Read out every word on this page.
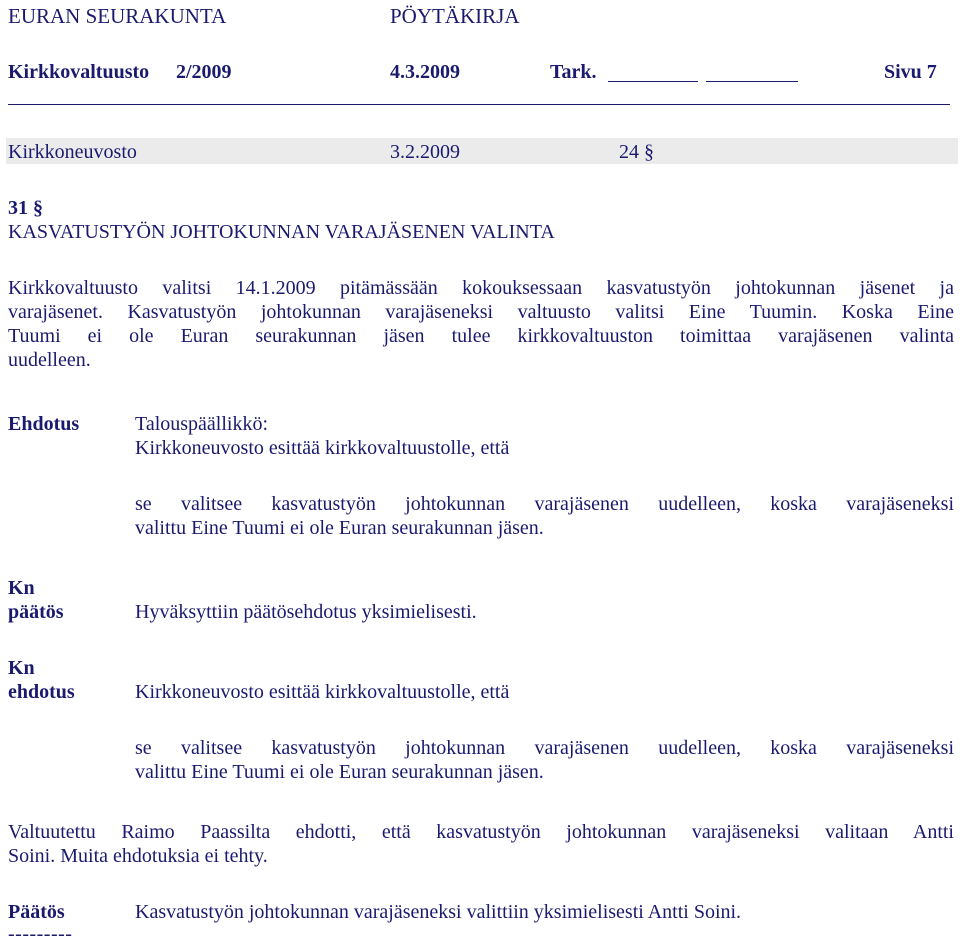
EURAN SEURAKUNTA	PÖYTÄKIRJA
Kirkkovaltuusto 2/2009	4.3.2009	Tark.	Sivu 7
Kirkkoneuvosto	3.2.2009	24 §
31 §
KASVATUSTYÖN JOHTOKUNNAN VARAJÄSENEN VALINTA
Kirkkovaltuusto valitsi 14.1.2009 pitämässään kokouksessaan kasvatustyön johtokunnan jäsenet ja
varajäsenet. Kasvatustyön johtokunnan varajäseneksi valtuusto valitsi Eine Tuumin. Koska Eine
Tuumi ei ole Euran seurakunnan jäsen tulee kirkkovaltuuston toimittaa varajäsenen valinta
uudelleen.
Ehdotus	Talouspäällikkö:
Kirkkoneuvosto esittää kirkkovaltuustolle, että
se valitsee kasvatustyön johtokunnan varajäsenen uudelleen, koska varajäseneksi
valittu Eine Tuumi ei ole Euran seurakunnan jäsen.
Kn
päätös	Hyväksyttiin päätösehdotus yksimielisesti.
Kn
ehdotus	Kirkkoneuvosto esittää kirkkovaltuustolle, että
se valitsee kasvatustyön johtokunnan varajäsenen uudelleen, koska varajäseneksi
valittu Eine Tuumi ei ole Euran seurakunnan jäsen.
Valtuutettu Raimo Paassilta ehdotti, että kasvatustyön johtokunnan varajäseneksi valitaan Antti
Soini. Muita ehdotuksia ei tehty.
Päätös	Kasvatustyön johtokunnan varajäseneksi valittiin yksimielisesti Antti Soini.
---------
